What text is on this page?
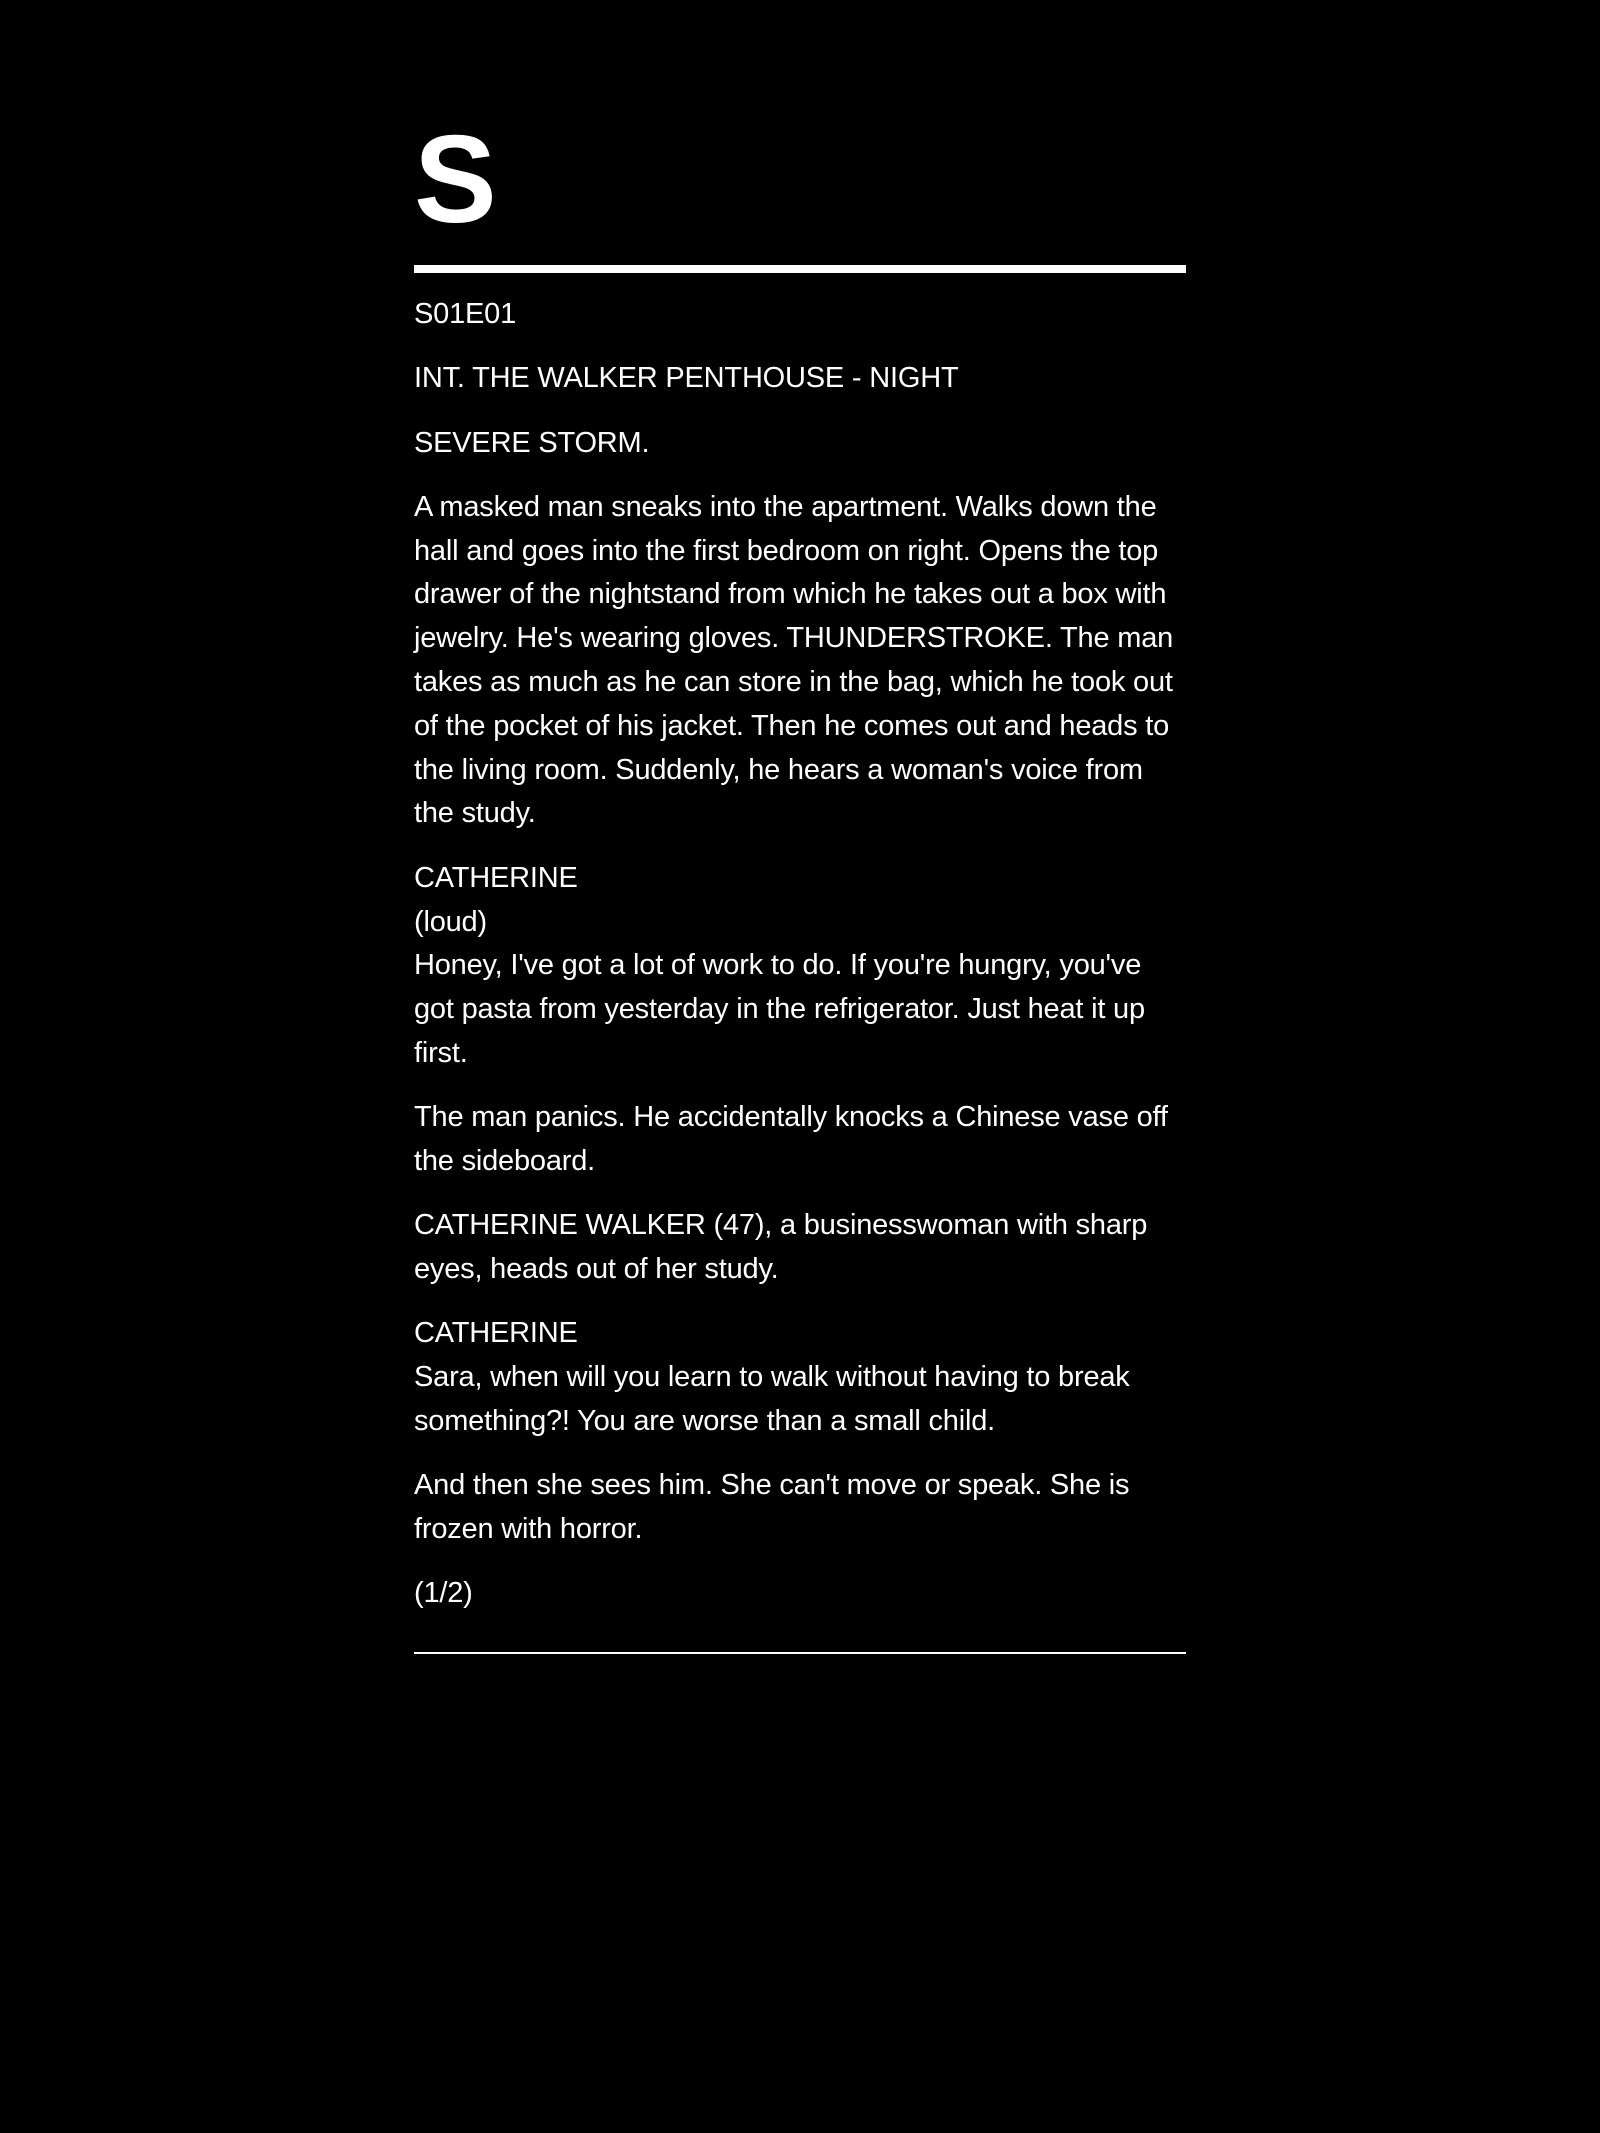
S

S01E01

INT. THE WALKER PENTHOUSE - NIGHT

SEVERE STORM.

A masked man sneaks into the apartment. Walks down the hall and goes into the first bedroom on right. Opens the top drawer of the nightstand from which he takes out a box with jewelry. He's wearing gloves. THUNDERSTROKE. The man takes as much as he can store in the bag, which he took out of the pocket of his jacket. Then he comes out and heads to the living room. Suddenly, he hears a woman's voice from the study.

CATHERINE
(loud)
Honey, I've got a lot of work to do. If you're hungry, you've got pasta from yesterday in the refrigerator. Just heat it up first.

The man panics. He accidentally knocks a Chinese vase off the sideboard.

CATHERINE WALKER (47), a businesswoman with sharp eyes, heads out of her study.

CATHERINE
Sara, when will you learn to walk without having to break something?! You are worse than a small child.

And then she sees him. She can't move or speak. She is frozen with horror.

(1/2)
